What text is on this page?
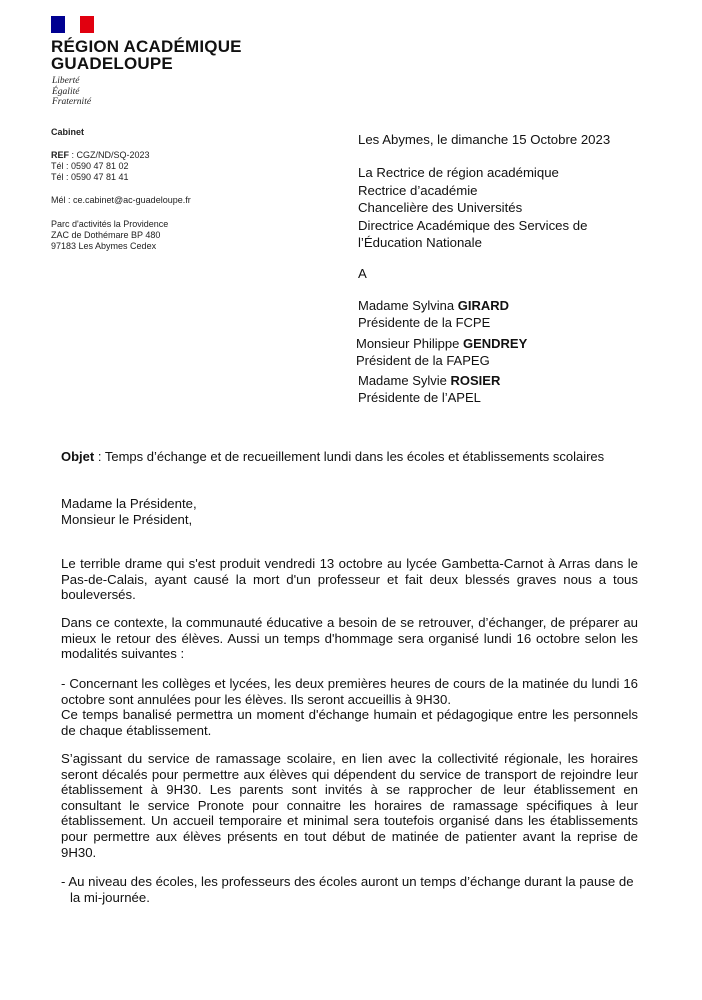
RÉGION ACADÉMIQUE
GUADELOUPE
Liberté
Égalité
Fraternité
Cabinet
REF : CGZ/ND/SQ-2023
Tél : 0590 47 81 02
Tél : 0590 47 81 41
Mél : ce.cabinet@ac-guadeloupe.fr
Parc d'activités la Providence
ZAC de Dothémare BP 480
97183 Les Abymes Cedex
Les Abymes, le dimanche 15 Octobre 2023
La Rectrice de région académique
Rectrice d’académie
Chancelière des Universités
Directrice Académique des Services de
l’Éducation Nationale
A
Madame Sylvina GIRARD
Présidente de la FCPE
Monsieur Philippe GENDREY
Président de la FAPEG
Madame Sylvie ROSIER
Présidente de l’APEL
Objet : Temps d’échange et de recueillement lundi dans les écoles et établissements scolaires
Madame la Présidente,
Monsieur le Président,
Le terrible drame qui s'est produit vendredi 13 octobre au lycée Gambetta-Carnot à Arras dans le Pas-de-Calais, ayant causé la mort d'un professeur et fait deux blessés graves nous a tous bouleversés.
Dans ce contexte, la communauté éducative a besoin de se retrouver, d’échanger, de préparer au mieux le retour des élèves. Aussi un temps d'hommage sera organisé lundi 16 octobre selon les modalités suivantes :
- Concernant les collèges et lycées, les deux premières heures de cours de la matinée du lundi 16 octobre sont annulées pour les élèves. Ils seront accueillis à 9H30.
Ce temps banalisé permettra un moment d'échange humain et pédagogique entre les personnels de chaque établissement.
S’agissant du service de ramassage scolaire, en lien avec la collectivité régionale, les horaires seront décalés pour permettre aux élèves qui dépendent du service de transport de rejoindre leur établissement à 9H30. Les parents sont invités à se rapprocher de leur établissement en consultant le service Pronote pour connaitre les horaires de ramassage spécifiques à leur établissement. Un accueil temporaire et minimal sera toutefois organisé dans les établissements pour permettre aux élèves présents en tout début de matinée de patienter avant la reprise de 9H30.
- Au niveau des écoles, les professeurs des écoles auront un temps d’échange durant la pause de la mi-journée.
